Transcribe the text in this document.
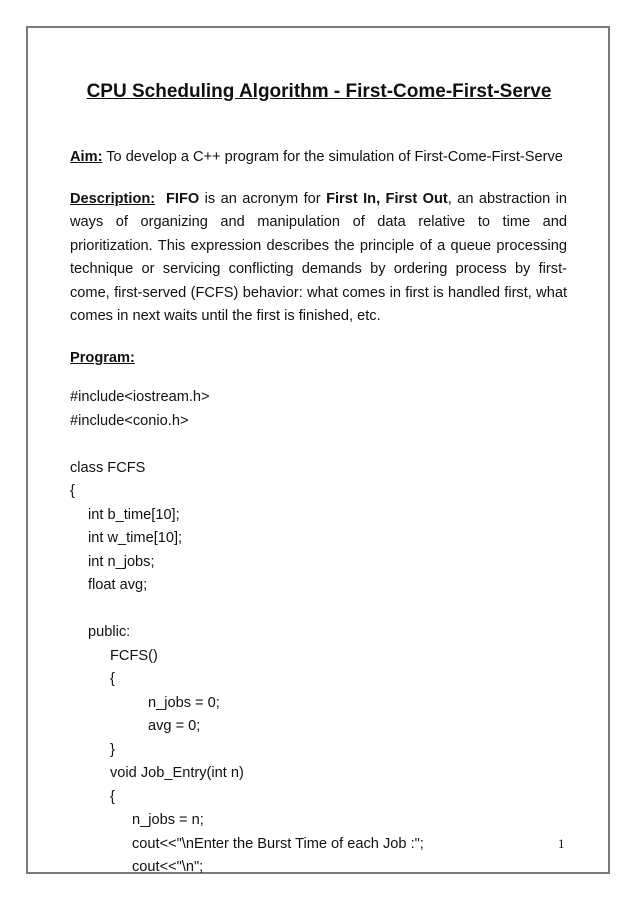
CPU Scheduling Algorithm - First-Come-First-Serve

Aim: To develop a C++ program for the simulation of First-Come-First-Serve

Description: FIFO is an acronym for First In, First Out, an abstraction in ways of organizing and manipulation of data relative to time and prioritization. This expression describes the principle of a queue processing technique or servicing conflicting demands by ordering process by first-come, first-served (FCFS) behavior: what comes in first is handled first, what comes in next waits until the first is finished, etc.

Program:

#include<iostream.h>
#include<conio.h>
class FCFS
{
int b_time[10];
int w_time[10];
int n_jobs;
float avg;
public:
FCFS()
{
n_jobs = 0;
avg = 0;
}
void Job_Entry(int n)
{
n_jobs = n;
cout<<"\nEnter the Burst Time of each Job :";
cout<<"\n";
1
